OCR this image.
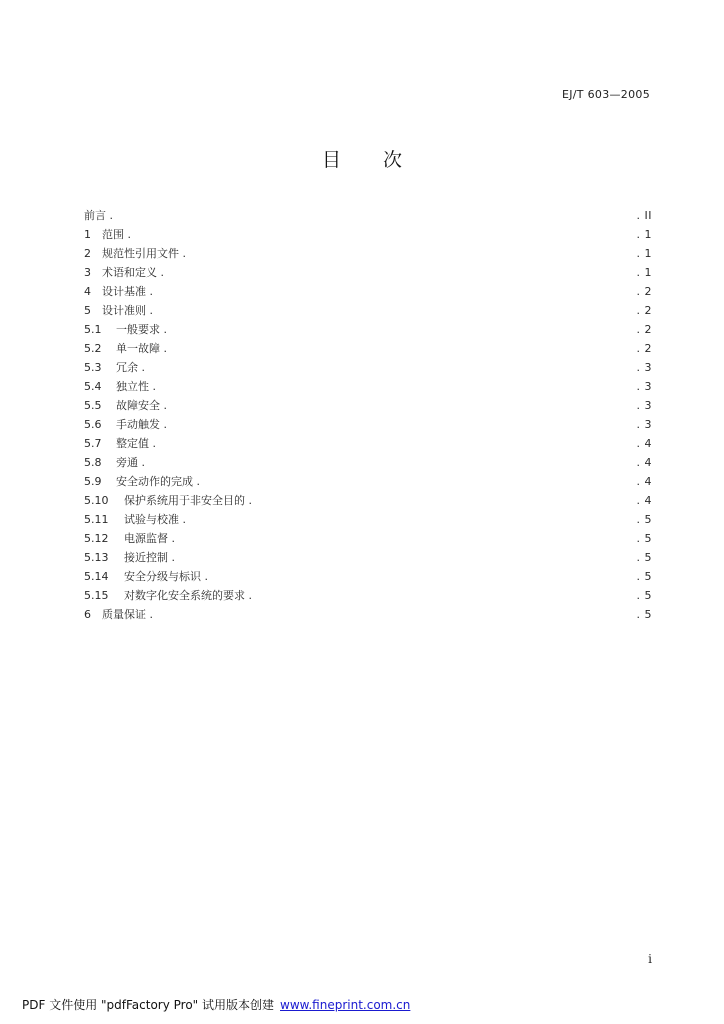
EJ/T 603—2005
目 次
前言 .	. II
1 范围 .	. 1
2 规范性引用文件 .	. 1
3 术语和定义 .	. 1
4 设计基准 .	. 2
5 设计准则 .	. 2
5.1 一般要求 .	. 2
5.2 单一故障 .	. 2
5.3 冗余 .	. 3
5.4 独立性 .	. 3
5.5 故障安全 .	. 3
5.6 手动触发 .	. 3
5.7 整定值 .	. 4
5.8 旁通 .	. 4
5.9 安全动作的完成 .	. 4
5.10 保护系统用于非安全目的 .	. 4
5.11 试验与校准 .	. 5
5.12 电源监督 .	. 5
5.13 接近控制 .	. 5
5.14 安全分级与标识 .	. 5
5.15 对数字化安全系统的要求 .	. 5
6 质量保证 .	. 5
i
PDF 文件使用 "pdfFactory Pro" 试用版本创建 www.fineprint.com.cn
